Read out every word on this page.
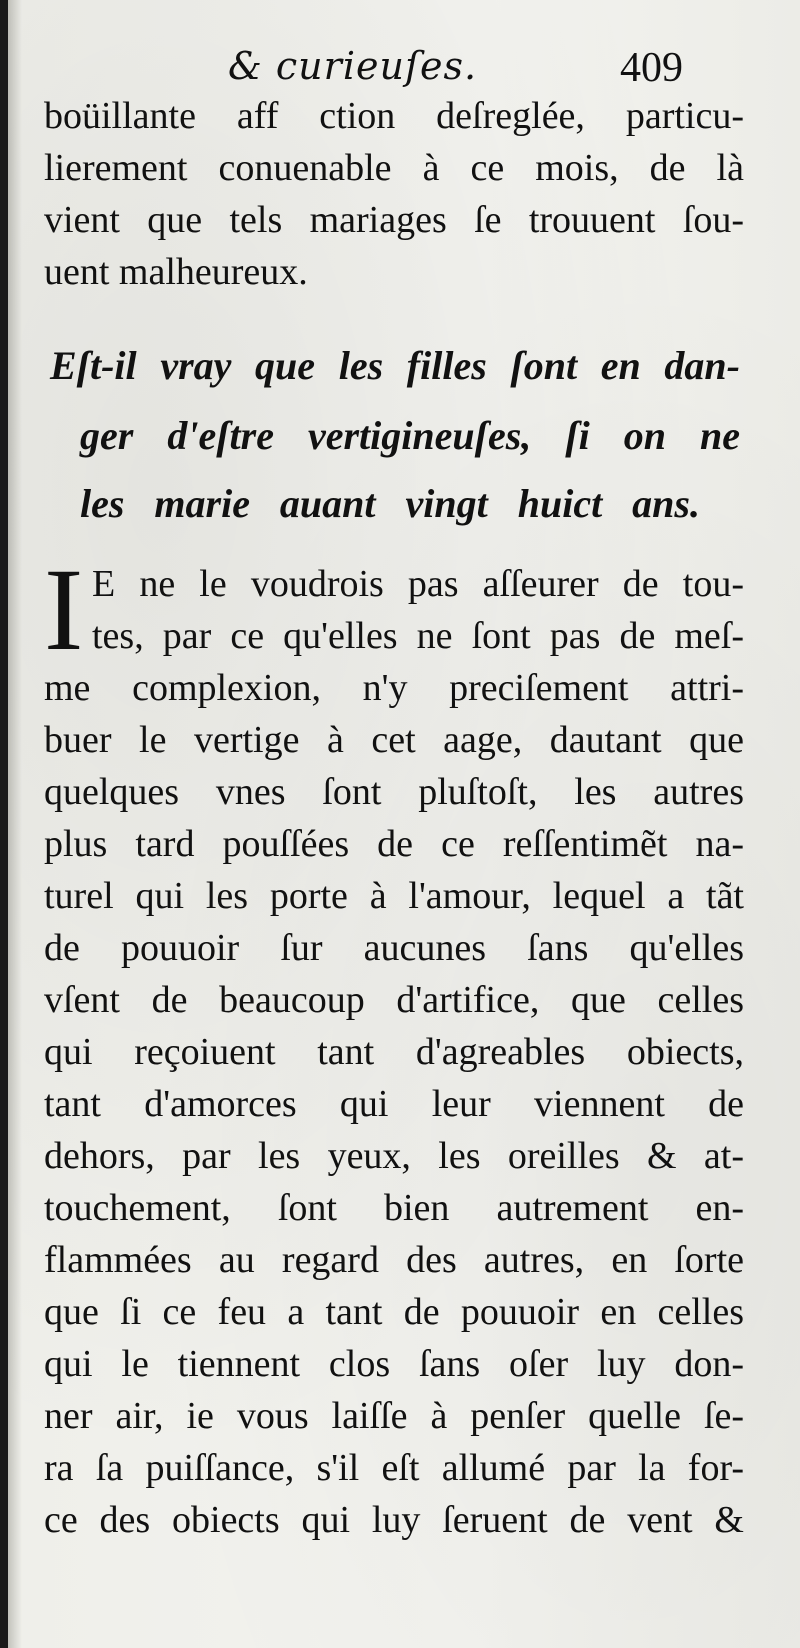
& curieuſes.	409
boüillante aff ction deſreglée, particu-
lierement conuenable à ce mois, de là
vient que tels mariages ſe trouuent ſou-
uent malheureux.
Eſt-il vray que les filles ſont en dan-
ger d'eſtre vertigineuſes, ſi on ne
les marie auant vingt huict ans.
I E ne le voudrois pas aſſeurer de tou-
tes, par ce qu'elles ne ſont pas de meſ-
me complexion, n'y preciſement attri-
buer le vertige à cet aage, dautant que
quelques vnes ſont pluſtoſt, les autres
plus tard pouſſées de ce reſſentimẽt na-
turel qui les porte à l'amour, lequel a tãt
de pouuoir ſur aucunes ſans qu'elles
vſent de beaucoup d'artifice, que celles
qui reçoiuent tant d'agreables obiects,
tant d'amorces qui leur viennent de
dehors, par les yeux, les oreilles & at-
touchement, ſont bien autrement en-
flammées au regard des autres, en ſorte
que ſi ce feu a tant de pouuoir en celles
qui le tiennent clos ſans oſer luy don-
ner air, ie vous laiſſe à penſer quelle ſe-
ra ſa puiſſance, s'il eſt allumé par la for-
ce des obiects qui luy ſeruent de vent &
